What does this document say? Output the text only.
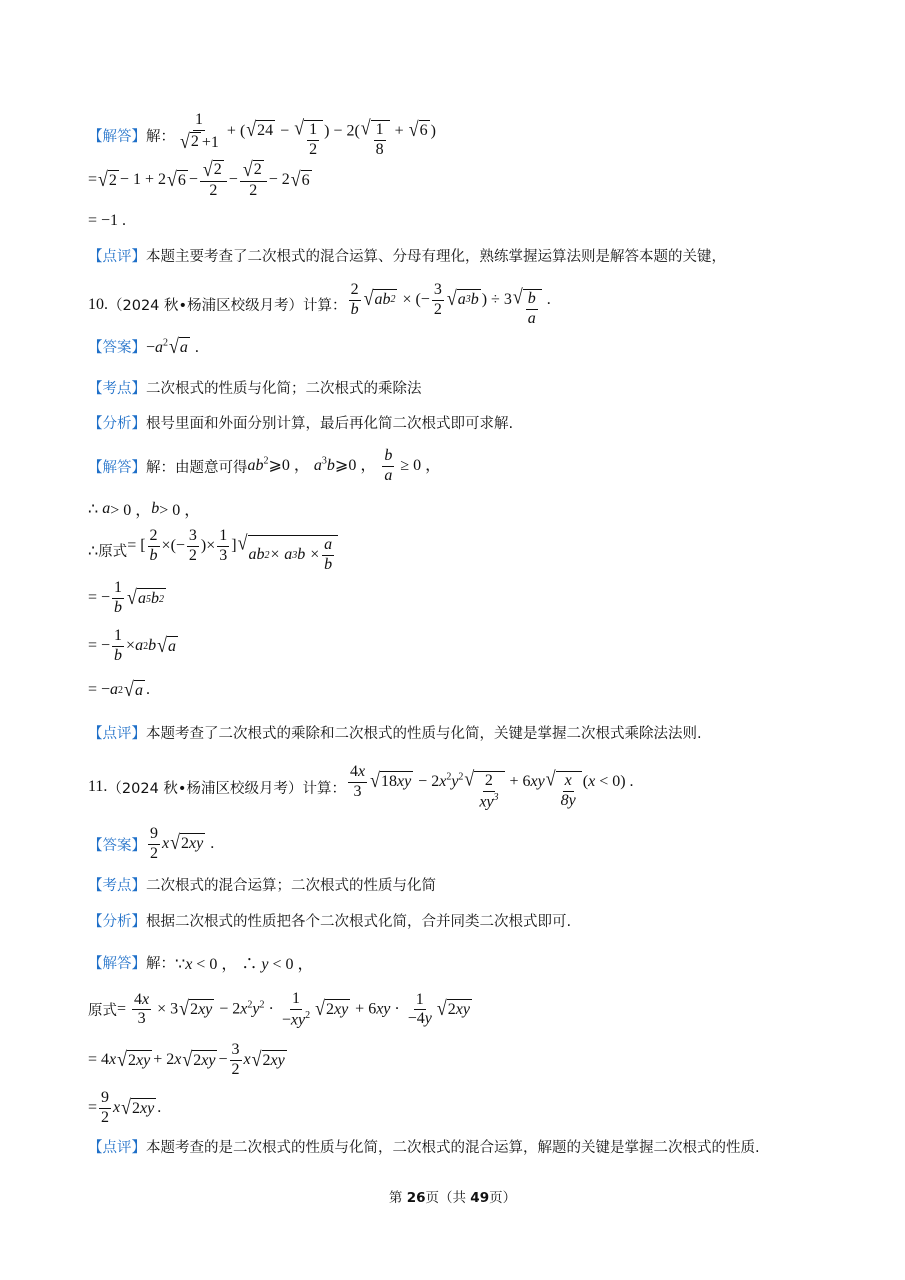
【解答】 解： $\frac{1}{√ 2 +1}$ + ( √ 24 − √ $\frac{1}{2}$ ) − 2( √ $\frac{1}{8}$ + √ 6 )
= √ 2 − 1 + 2 √ $6 - \frac{√ 2}{2} - \frac{√ 2}{2} - 2$ √ 6
= −1 .
【点评】 本题主要考查了二次根式的混合运算、分母有理化，熟练掌握运算法则是解答本题的关键，
10. （2024 秋•杨浦区校级月考）计算： $\frac{2}{b}$ √ ab 2 × (− $\frac{3}{2}$ √ a 3 b ) ÷ 3 √ $\frac{b}{a}$ .
【答案】 $-a^2$ √ a .
【考点】 二次根式的性质与化简；二次根式的乘除法
【分析】 根号里面和外面分别计算，最后再化简二次根式即可求解.
【解答】 解：由题意可得 $ab^2⩾0$ ， $a^3b⩾0$ ， $\frac{b}{a} \ge 0$ ，
∴
a > 0 ， b > 0 ，
∴ 原式 = [ $\frac{2}{b}$ ×(− $\frac{3}{2}$ )× $\frac{1}{3}$ ] √
ab 2 × a 3 $b \times \frac{a}{b}$
= − $\frac{1}{b}$ √ a 5 b 2
= − $\frac{1}{b} \times a$ 2 b √ a
= − a 2 √ a .
【点评】 本题考查了二次根式的乘除和二次根式的性质与化简，关键是掌握二次根式乘除法法则.
11. （2024 秋•杨浦区校级月考）计算： $\frac{4x}{3}$ √ 18 xy − $2x^2y^2$ √ $\frac{2}{xy^3} + 6xy$ √ $\frac{x}{8y} (x < 0)$ .
【答案】 $\frac{9}{2}$ x √ 2 xy .
【考点】 二次根式的混合运算；二次根式的性质与化简
【分析】 根据二次根式的性质把各个二次根式化简，合并同类二次根式即可.
【解答】 解： ∵x < 0 ， ∴ y < 0 ，
原式 = $\frac{4x}{3} \times 3$ √ 2 xy − $2x^2y^2 \cdot \frac{1}{-xy^2}$ √ 2 xy + $6xy \cdot \frac{1}{-4y}$ √ 2 xy
= 4 x √ 2 xy + 2 x √ 2 xy − $\frac{3}{2}$ x √ 2 xy
= $\frac{9}{2}$ x √ 2 xy .
【点评】 本题考查的是二次根式的性质与化简，二次根式的混合运算，解题的关键是掌握二次根式的性质.
第 26页（共 49页）
